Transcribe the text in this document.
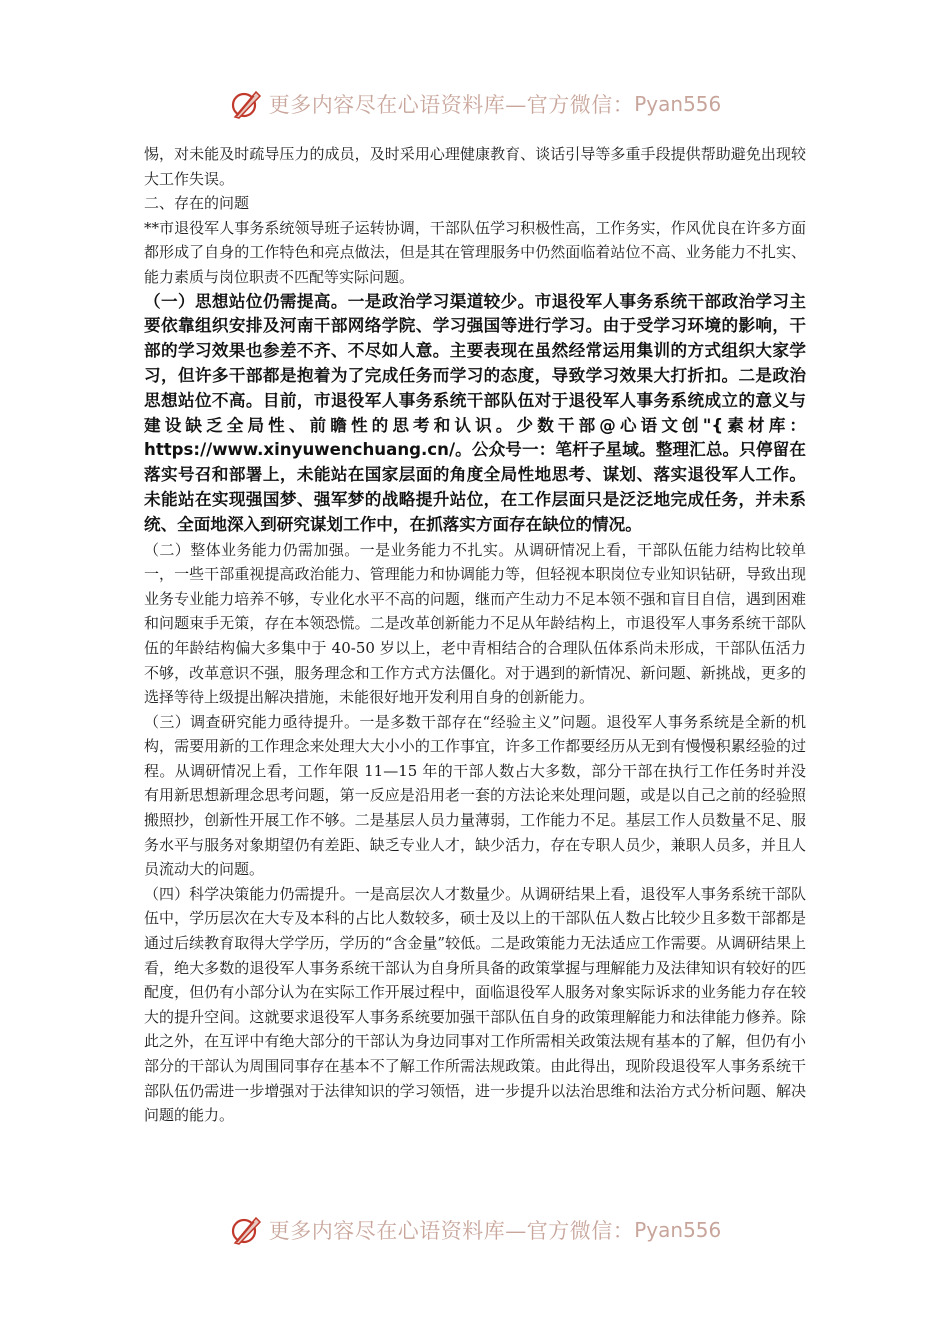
更多内容尽在心语资料库—官方微信： Pyan556

惕，对未能及时疏导压力的成员，及时采用心理健康教育、谈话引导等多重手段提供帮助避免出现较大工作失误。

二、存在的问题

**市退役军人事务系统领导班子运转协调，干部队伍学习积极性高，工作务实，作风优良在许多方面都形成了自身的工作特色和亮点做法，但是其在管理服务中仍然面临着站位不高、业务能力不扎实、能力素质与岗位职责不匹配等实际问题。

（一）思想站位仍需提高。一是政治学习渠道较少。市退役军人事务系统干部政治学习主要依靠组织安排及河南干部网络学院、学习强国等进行学习。由于受学习环境的影响，干部的学习效果也参差不齐、不尽如人意。主要表现在虽然经常运用集训的方式组织大家学习，但许多干部都是抱着为了完成任务而学习的态度，导致学习效果大打折扣。二是政治思想站位不高。目前，市退役军人事务系统干部队伍对于退役军人事务系统成立的意义与建设缺乏全局性、前瞻性的思考和认识。少数干部@心语文创"{素材库：https://www.xinyuwenchuang.cn/。公众号一：笔杆子星域。整理汇总。只停留在落实号召和部署上，未能站在国家层面的角度全局性地思考、谋划、落实退役军人工作。未能站在实现强国梦、强军梦的战略提升站位，在工作层面只是泛泛地完成任务，并未系统、全面地深入到研究谋划工作中，在抓落实方面存在缺位的情况。

（二）整体业务能力仍需加强。一是业务能力不扎实。从调研情况上看，干部队伍能力结构比较单一，一些干部重视提高政治能力、管理能力和协调能力等，但轻视本职岗位专业知识钻研，导致出现业务专业能力培养不够，专业化水平不高的问题，继而产生动力不足本领不强和盲目自信，遇到困难和问题束手无策，存在本领恐慌。二是改革创新能力不足从年龄结构上，市退役军人事务系统干部队伍的年龄结构偏大多集中于 40-50 岁以上，老中青相结合的合理队伍体系尚未形成，干部队伍活力不够，改革意识不强，服务理念和工作方式方法僵化。对于遇到的新情况、新问题、新挑战，更多的选择等待上级提出解决措施，未能很好地开发利用自身的创新能力。

（三）调查研究能力亟待提升。一是多数干部存在“经验主义”问题。退役军人事务系统是全新的机构，需要用新的工作理念来处理大大小小的工作事宜，许多工作都要经历从无到有慢慢积累经验的过程。从调研情况上看，工作年限 11—15 年的干部人数占大多数，部分干部在执行工作任务时并没有用新思想新理念思考问题，第一反应是沿用老一套的方法论来处理问题，或是以自己之前的经验照搬照抄，创新性开展工作不够。二是基层人员力量薄弱，工作能力不足。基层工作人员数量不足、服务水平与服务对象期望仍有差距、缺乏专业人才，缺少活力，存在专职人员少，兼职人员多，并且人员流动大的问题。

（四）科学决策能力仍需提升。一是高层次人才数量少。从调研结果上看，退役军人事务系统干部队伍中，学历层次在大专及本科的占比人数较多，硕士及以上的干部队伍人数占比较少且多数干部都是通过后续教育取得大学学历，学历的“含金量”较低。二是政策能力无法适应工作需要。从调研结果上看，绝大多数的退役军人事务系统干部认为自身所具备的政策掌握与理解能力及法律知识有较好的匹配度，但仍有小部分认为在实际工作开展过程中，面临退役军人服务对象实际诉求的业务能力存在较大的提升空间。这就要求退役军人事务系统要加强干部队伍自身的政策理解能力和法律能力修养。除此之外，在互评中有绝大部分的干部认为身边同事对工作所需相关政策法规有基本的了解，但仍有小部分的干部认为周围同事存在基本不了解工作所需法规政策。由此得出，现阶段退役军人事务系统干部队伍仍需进一步增强对于法律知识的学习领悟，进一步提升以法治思维和法治方式分析问题、解决问题的能力。

更多内容尽在心语资料库—官方微信： Pyan556
